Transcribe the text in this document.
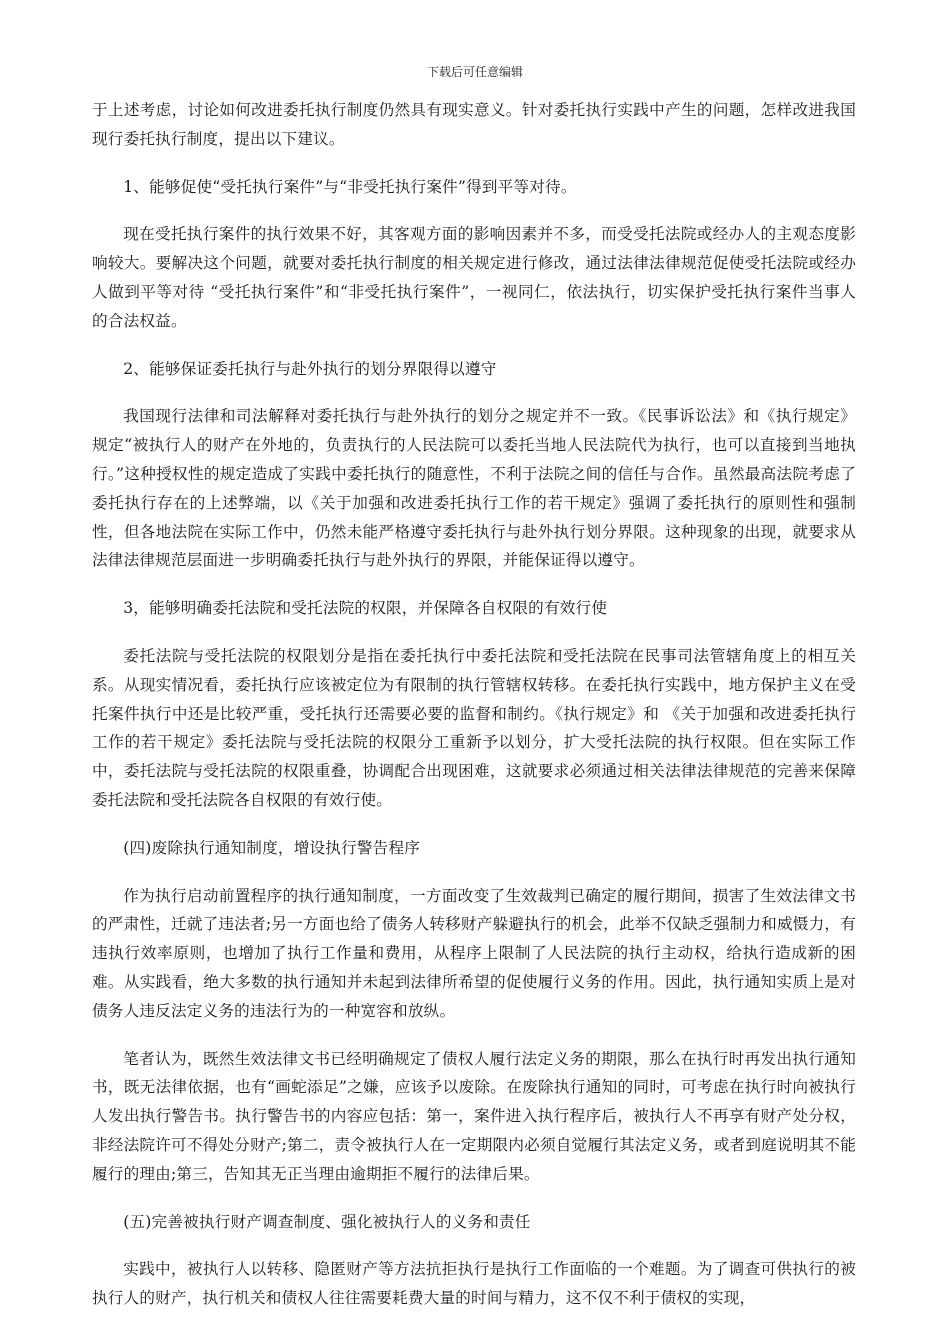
下载后可任意编辑

于上述考虑，讨论如何改进委托执行制度仍然具有现实意义。针对委托执行实践中产生的问题，怎样改进我国现行委托执行制度，提出以下建议。

1、能够促使“受托执行案件”与“非受托执行案件”得到平等对待。

现在受托执行案件的执行效果不好，其客观方面的影响因素并不多，而受受托法院或经办人的主观态度影响较大。要解决这个问题，就要对委托执行制度的相关规定进行修改，通过法律法律规范促使受托法院或经办人做到平等对待 “受托执行案件”和“非受托执行案件”，一视同仁，依法执行，切实保护受托执行案件当事人的合法权益。

2、能够保证委托执行与赴外执行的划分界限得以遵守

我国现行法律和司法解释对委托执行与赴外执行的划分之规定并不一致。《民事诉讼法》和《执行规定》规定“被执行人的财产在外地的，负责执行的人民法院可以委托当地人民法院代为执行，也可以直接到当地执行。”这种授权性的规定造成了实践中委托执行的随意性，不利于法院之间的信任与合作。虽然最高法院考虑了委托执行存在的上述弊端，以《关于加强和改进委托执行工作的若干规定》强调了委托执行的原则性和强制性，但各地法院在实际工作中，仍然未能严格遵守委托执行与赴外执行划分界限。这种现象的出现，就要求从法律法律规范层面进一步明确委托执行与赴外执行的界限，并能保证得以遵守。

3，能够明确委托法院和受托法院的权限，并保障各自权限的有效行使

委托法院与受托法院的权限划分是指在委托执行中委托法院和受托法院在民事司法管辖角度上的相互关系。从现实情况看，委托执行应该被定位为有限制的执行管辖权转移。在委托执行实践中，地方保护主义在受托案件执行中还是比较严重，受托执行还需要必要的监督和制约。《执行规定》和 《关于加强和改进委托执行工作的若干规定》委托法院与受托法院的权限分工重新予以划分，扩大受托法院的执行权限。但在实际工作中，委托法院与受托法院的权限重叠，协调配合出现困难，这就要求必须通过相关法律法律规范的完善来保障委托法院和受托法院各自权限的有效行使。

(四)废除执行通知制度，增设执行警告程序

作为执行启动前置程序的执行通知制度，一方面改变了生效裁判已确定的履行期间，损害了生效法律文书的严肃性，迁就了违法者;另一方面也给了债务人转移财产躲避执行的机会，此举不仅缺乏强制力和威慑力，有违执行效率原则，也增加了执行工作量和费用，从程序上限制了人民法院的执行主动权，给执行造成新的困难。从实践看，绝大多数的执行通知并未起到法律所希望的促使履行义务的作用。因此，执行通知实质上是对债务人违反法定义务的违法行为的一种宽容和放纵。

笔者认为，既然生效法律文书已经明确规定了债权人履行法定义务的期限，那么在执行时再发出执行通知书，既无法律依据，也有“画蛇添足”之嫌，应该予以废除。在废除执行通知的同时，可考虑在执行时向被执行人发出执行警告书。执行警告书的内容应包括：第一，案件进入执行程序后，被执行人不再享有财产处分权，非经法院许可不得处分财产;第二，责令被执行人在一定期限内必须自觉履行其法定义务，或者到庭说明其不能履行的理由;第三，告知其无正当理由逾期拒不履行的法律后果。

(五)完善被执行财产调查制度、强化被执行人的义务和责任

实践中，被执行人以转移、隐匿财产等方法抗拒执行是执行工作面临的一个难题。为了调查可供执行的被执行人的财产，执行机关和债权人往往需要耗费大量的时间与精力，这不仅不利于债权的实现，
